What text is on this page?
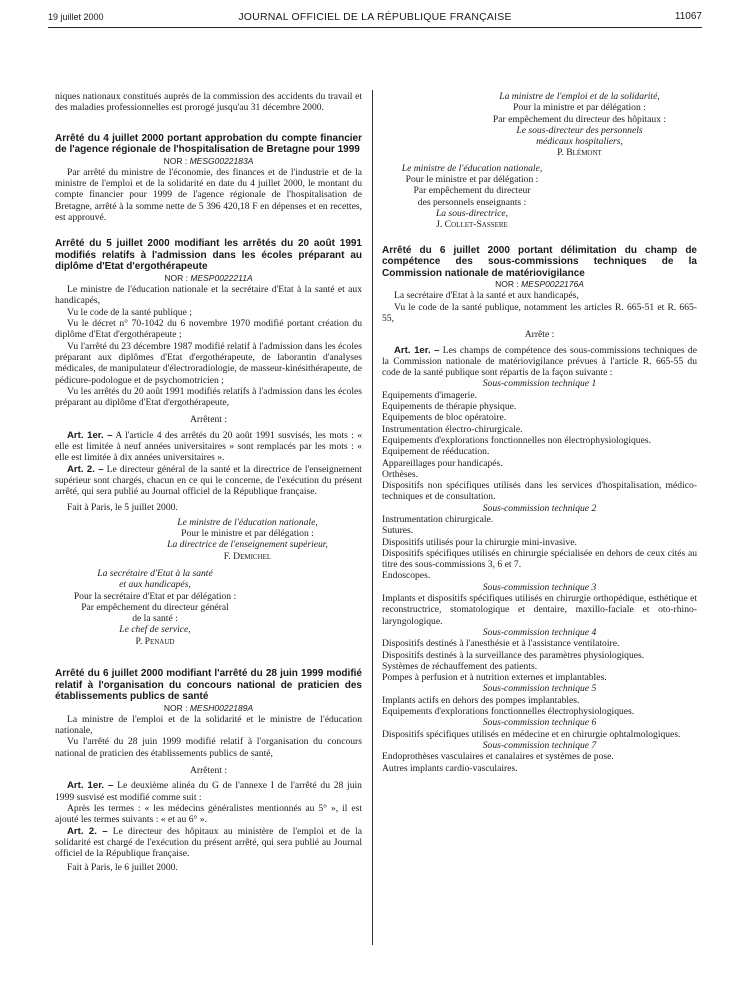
19 juillet 2000	JOURNAL OFFICIEL DE LA RÉPUBLIQUE FRANÇAISE	11067

niques nationaux constitués auprès de la commission des accidents du travail et des maladies professionnelles est prorogé jusqu'au 31 décembre 2000.

Arrêté du 4 juillet 2000 portant approbation du compte financier de l'agence régionale de l'hospitalisation de Bretagne pour 1999

NOR : MESG0022183A

Par arrêté du ministre de l'économie, des finances et de l'industrie et de la ministre de l'emploi et de la solidarité en date du 4 juillet 2000, le montant du compte financier pour 1999 de l'agence régionale de l'hospitalisation de Bretagne, arrêté à la somme nette de 5 396 420,18 F en dépenses et en recettes, est approuvé.

Arrêté du 5 juillet 2000 modifiant les arrêtés du 20 août 1991 modifiés relatifs à l'admission dans les écoles préparant au diplôme d'Etat d'ergothérapeute

NOR : MESP0022211A

Le ministre de l'éducation nationale et la secrétaire d'Etat à la santé et aux handicapés,

Vu le code de la santé publique ;

Vu le décret n° 70-1042 du 6 novembre 1970 modifié portant création du diplôme d'Etat d'ergothérapeute ;

Vu l'arrêté du 23 décembre 1987 modifié relatif à l'admission dans les écoles préparant aux diplômes d'Etat d'ergothérapeute, de laborantin d'analyses médicales, de manipulateur d'électroradiologie, de masseur-kinésithérapeute, de pédicure-podologue et de psychomotricien ;

Vu les arrêtés du 20 août 1991 modifiés relatifs à l'admission dans les écoles préparant au diplôme d'Etat d'ergothérapeute,

Arrêtent :

Art. 1er. – A l'article 4 des arrêtés du 20 août 1991 susvisés, les mots : « elle est limitée à neuf années universitaires » sont remplacés par les mots : « elle est limitée à dix années universitaires ».

Art. 2. – Le directeur général de la santé et la directrice de l'enseignement supérieur sont chargés, chacun en ce qui le concerne, de l'exécution du présent arrêté, qui sera publié au Journal officiel de la République française.

Fait à Paris, le 5 juillet 2000.

Le ministre de l'éducation nationale,

Pour le ministre et par délégation :

La directrice de l'enseignement supérieur,

F. Demichel

La secrétaire d'Etat à la santé

et aux handicapés,

Pour la secrétaire d'Etat et par délégation :

Par empêchement du directeur général

de la santé :

Le chef de service,

P. Penaud

Arrêté du 6 juillet 2000 modifiant l'arrêté du 28 juin 1999 modifié relatif à l'organisation du concours national de praticien des établissements publics de santé

NOR : MESH0022189A

La ministre de l'emploi et de la solidarité et le ministre de l'éducation nationale,

Vu l'arrêté du 28 juin 1999 modifié relatif à l'organisation du concours national de praticien des établissements publics de santé,

Arrêtent :

Art. 1er. – Le deuxième alinéa du G de l'annexe I de l'arrêté du 28 juin 1999 susvisé est modifié comme suit :

Après les termes : « les médecins généralistes mentionnés au 5° », il est ajouté les termes suivants : « et au 6° ».

Art. 2. – Le directeur des hôpitaux au ministère de l'emploi et de la solidarité est chargé de l'exécution du présent arrêté, qui sera publié au Journal officiel de la République française.

Fait à Paris, le 6 juillet 2000.

La ministre de l'emploi et de la solidarité,

Pour la ministre et par délégation :

Par empêchement du directeur des hôpitaux :

Le sous-directeur des personnels

médicaux hospitaliers,

P. Blémont

Le ministre de l'éducation nationale,

Pour le ministre et par délégation :

Par empêchement du directeur

des personnels enseignants :

La sous-directrice,

J. Collet-Sassere

Arrêté du 6 juillet 2000 portant délimitation du champ de compétence des sous-commissions techniques de la Commission nationale de matériovigilance

NOR : MESP0022176A

La secrétaire d'Etat à la santé et aux handicapés,

Vu le code de la santé publique, notamment les articles R. 665-51 et R. 665-55,

Arrête :

Art. 1er. – Les champs de compétence des sous-commissions techniques de la Commission nationale de matériovigilance prévues à l'article R. 665-55 du code de la santé publique sont répartis de la façon suivante :

Sous-commission technique 1

Equipements d'imagerie.

Equipements de thérapie physique.

Equipements de bloc opératoire.

Instrumentation électro-chirurgicale.

Equipements d'explorations fonctionnelles non électrophysiologiques.

Equipement de rééducation.

Appareillages pour handicapés.

Orthèses.

Dispositifs non spécifiques utilisés dans les services d'hospitalisation, médico-techniques et de consultation.

Sous-commission technique 2

Instrumentation chirurgicale.

Sutures.

Dispositifs utilisés pour la chirurgie mini-invasive.

Dispositifs spécifiques utilisés en chirurgie spécialisée en dehors de ceux cités au titre des sous-commissions 3, 6 et 7.

Endoscopes.

Sous-commission technique 3

Implants et dispositifs spécifiques utilisés en chirurgie orthopédique, esthétique et reconstructrice, stomatologique et dentaire, maxillo-faciale et oto-rhino-laryngologique.

Sous-commission technique 4

Dispositifs destinés à l'anesthésie et à l'assistance ventilatoire.

Dispositifs destinés à la surveillance des paramètres physiologiques.

Systèmes de réchauffement des patients.

Pompes à perfusion et à nutrition externes et implantables.

Sous-commission technique 5

Implants actifs en dehors des pompes implantables.

Equipements d'explorations fonctionnelles électrophysiologiques.

Sous-commission technique 6

Dispositifs spécifiques utilisés en médecine et en chirurgie ophtalmologiques.

Sous-commission technique 7

Endoprothèses vasculaires et canalaires et systèmes de pose.

Autres implants cardio-vasculaires.
